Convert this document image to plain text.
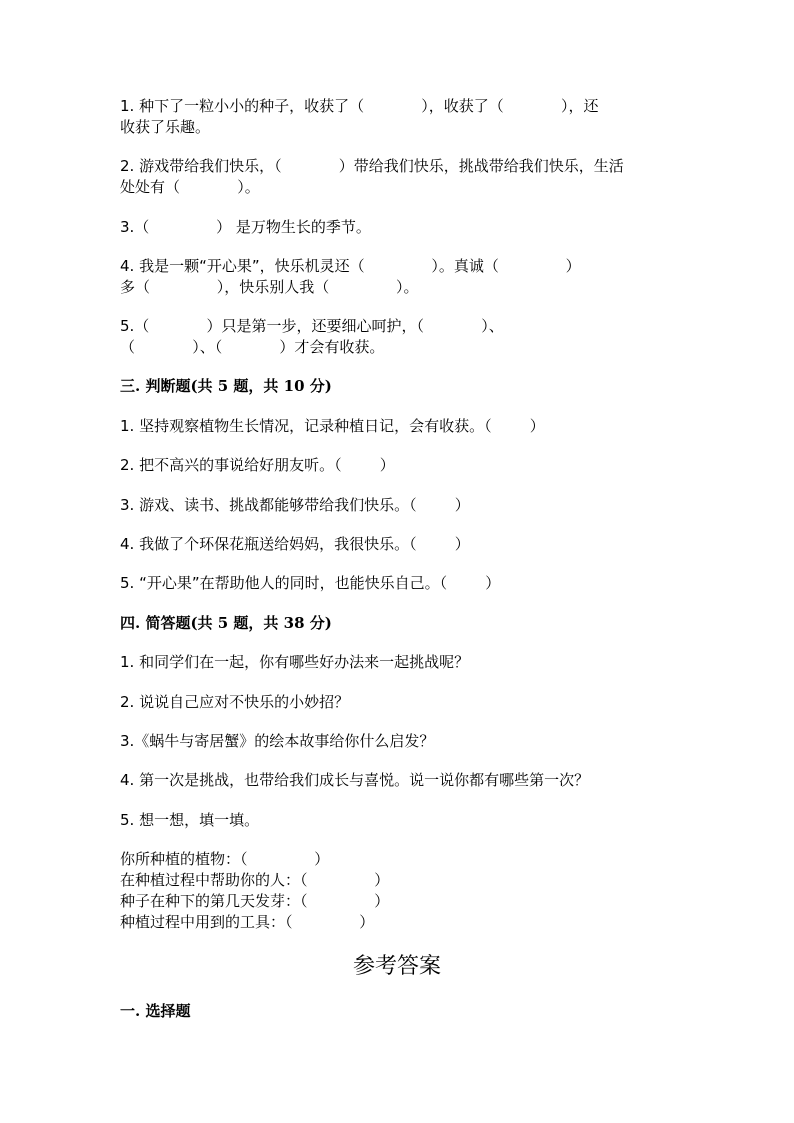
1. 种下了一粒小小的种子，收获了（            ），收获了（            ），还
收获了乐趣。
2. 游戏带给我们快乐，（            ）带给我们快乐，挑战带给我们快乐，生活
处处有（            ）。
3.（              ） 是万物生长的季节。
4. 我是一颗“开心果”，快乐机灵还（              ）。真诚（              ）
多（              ），快乐别人我（              ）。
5.（            ）只是第一步，还要细心呵护，（            ）、
（            ）、（            ）才会有收获。
三. 判断题(共 5 题，共 10 分)
1. 坚持观察植物生长情况，记录种植日记，会有收获。（        ）
2. 把不高兴的事说给好朋友听。（        ）
3. 游戏、读书、挑战都能够带给我们快乐。（        ）
4. 我做了个环保花瓶送给妈妈，我很快乐。（        ）
5. “开心果”在帮助他人的同时，也能快乐自己。（        ）
四. 简答题(共 5 题，共 38 分)
1. 和同学们在一起，你有哪些好办法来一起挑战呢？
2. 说说自己应对不快乐的小妙招？
3.《蜗牛与寄居蟹》的绘本故事给你什么启发？
4. 第一次是挑战，也带给我们成长与喜悦。说一说你都有哪些第一次？
5. 想一想，填一填。
你所种植的植物：（              ）
在种植过程中帮助你的人：（              ）
种子在种下的第几天发芽：（              ）
种植过程中用到的工具：（              ）
参考答案
一. 选择题
